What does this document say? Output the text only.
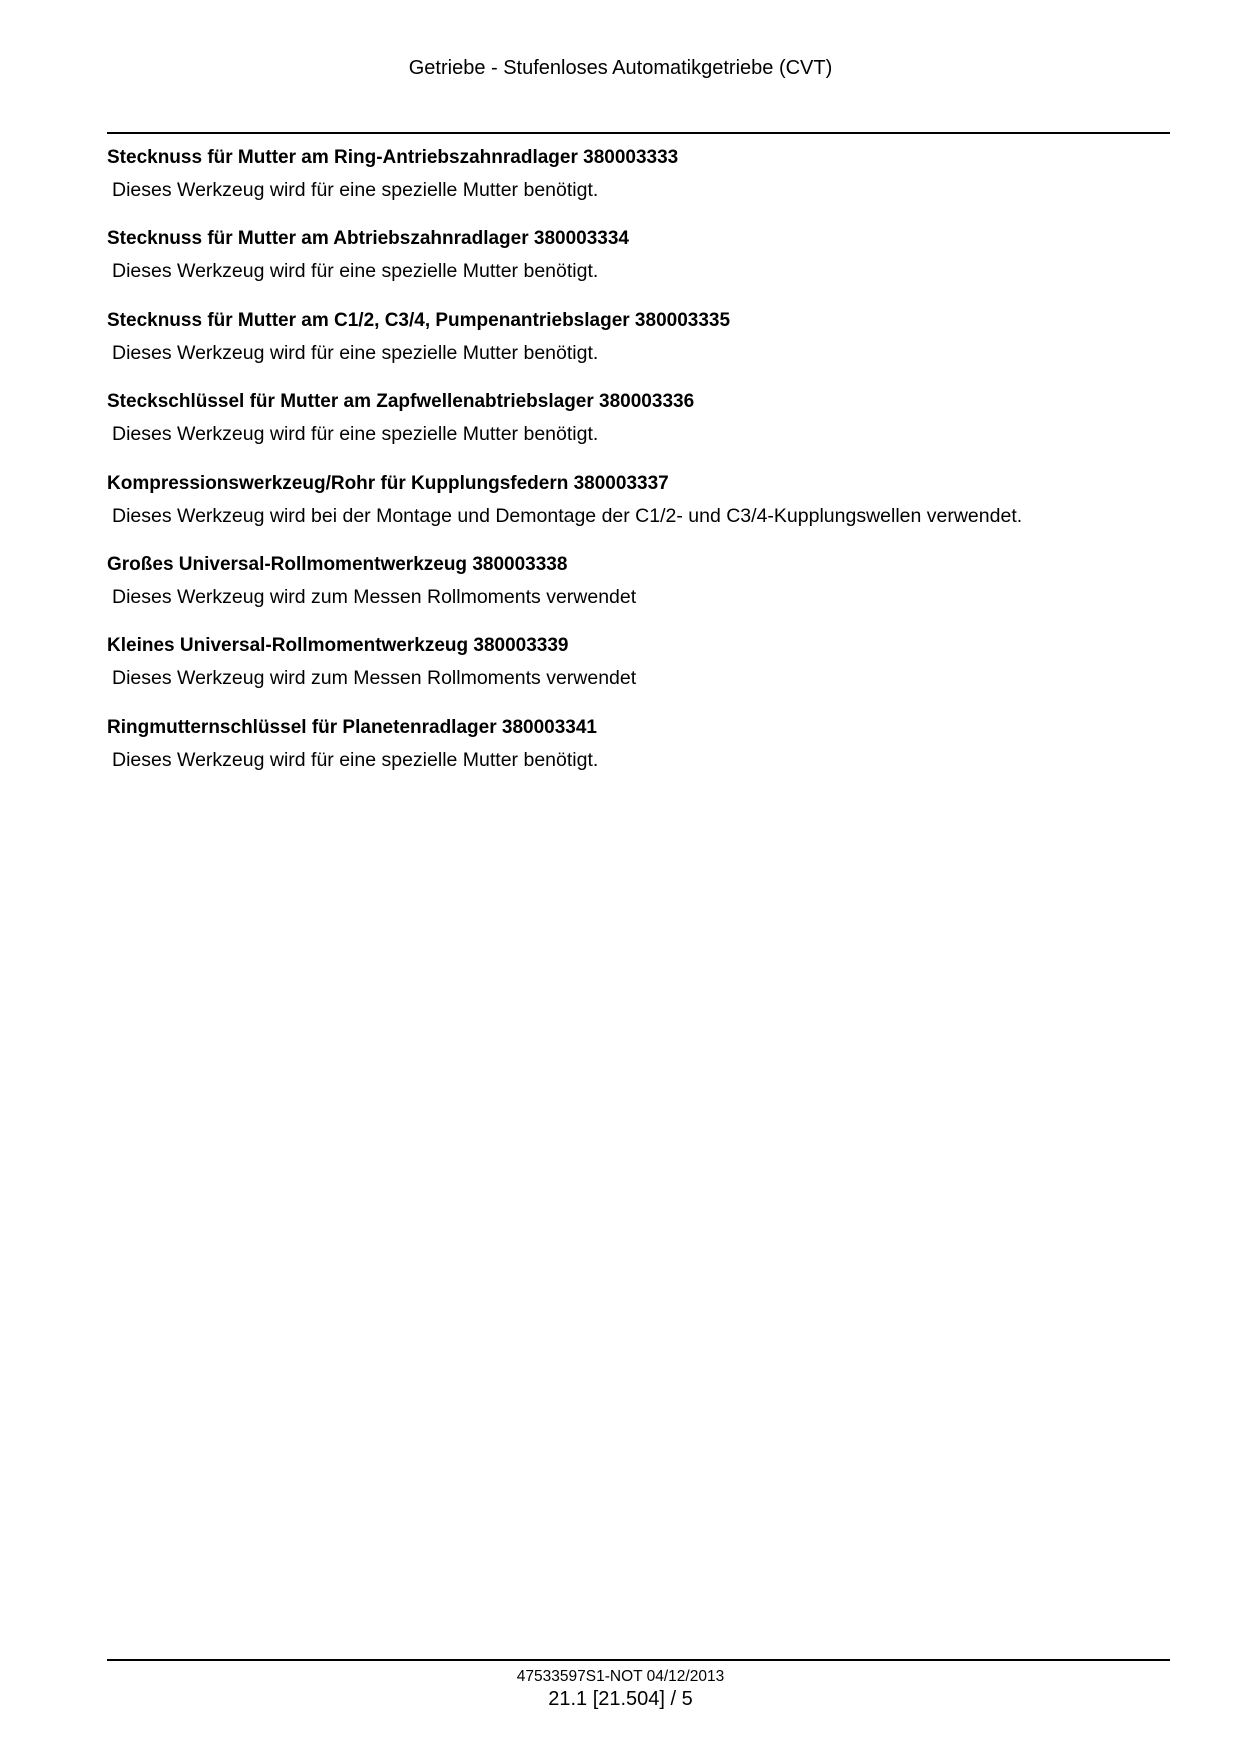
Getriebe - Stufenloses Automatikgetriebe (CVT)

Stecknuss für Mutter am Ring-Antriebszahnradlager 380003333

Dieses Werkzeug wird für eine spezielle Mutter benötigt.

Stecknuss für Mutter am Abtriebszahnradlager 380003334

Dieses Werkzeug wird für eine spezielle Mutter benötigt.

Stecknuss für Mutter am C1/2, C3/4, Pumpenantriebslager 380003335

Dieses Werkzeug wird für eine spezielle Mutter benötigt.

Steckschlüssel für Mutter am Zapfwellenabtriebslager 380003336

Dieses Werkzeug wird für eine spezielle Mutter benötigt.

Kompressionswerkzeug/Rohr für Kupplungsfedern 380003337

Dieses Werkzeug wird bei der Montage und Demontage der C1/2- und C3/4-Kupplungswellen verwendet.

Großes Universal-Rollmomentwerkzeug 380003338

Dieses Werkzeug wird zum Messen Rollmoments verwendet

Kleines Universal-Rollmomentwerkzeug 380003339

Dieses Werkzeug wird zum Messen Rollmoments verwendet

Ringmutternschlüssel für Planetenradlager 380003341

Dieses Werkzeug wird für eine spezielle Mutter benötigt.

47533597S1-NOT 04/12/2013
21.1 [21.504] / 5
